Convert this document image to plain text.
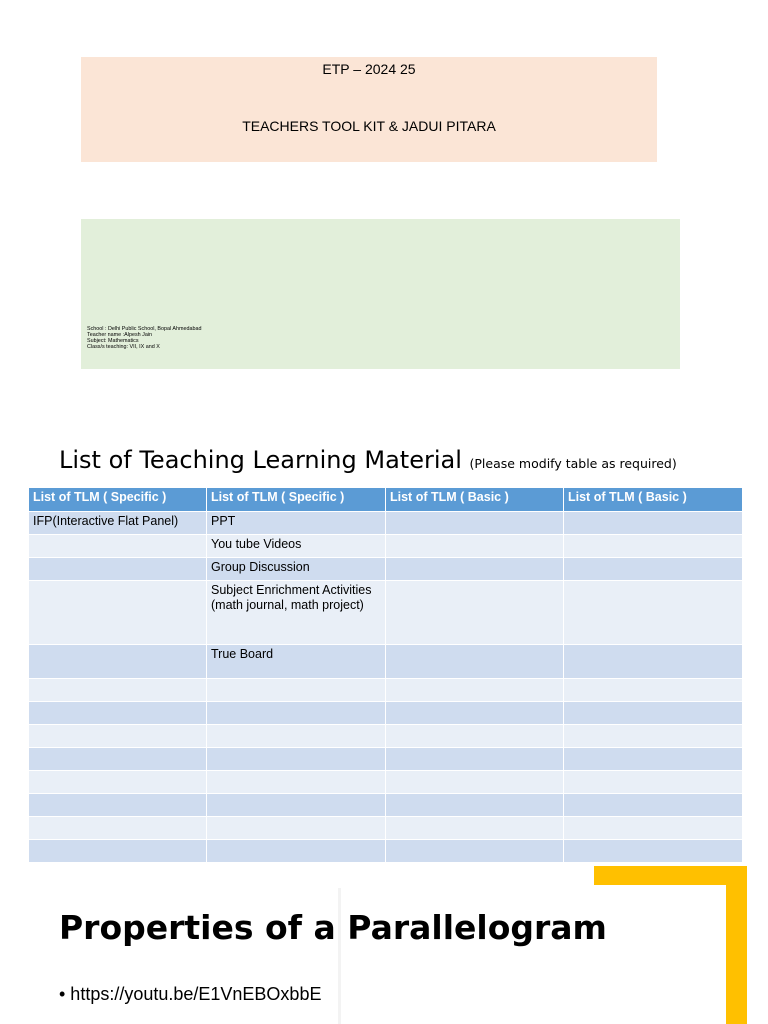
ETP – 2024 25
TEACHERS TOOL KIT & JADUI PITARA
School : Delhi Public School, Bopal Ahmedabad
Teacher name :Alpesh Jain
Subject: Mathematics
Class/s teaching: VII, IX and X
List of Teaching Learning Material (Please modify table as required)
List of TLM ( Specific )	List of TLM ( Specific )	List of TLM ( Basic )	List of TLM ( Basic )
IFP(Interactive Flat Panel)	PPT		
	You tube Videos		
	Group Discussion		
	Subject Enrichment Activities (math journal, math project)		
	True Board		

Properties of a Parallelogram
• https://youtu.be/E1VnEBOxbbE
